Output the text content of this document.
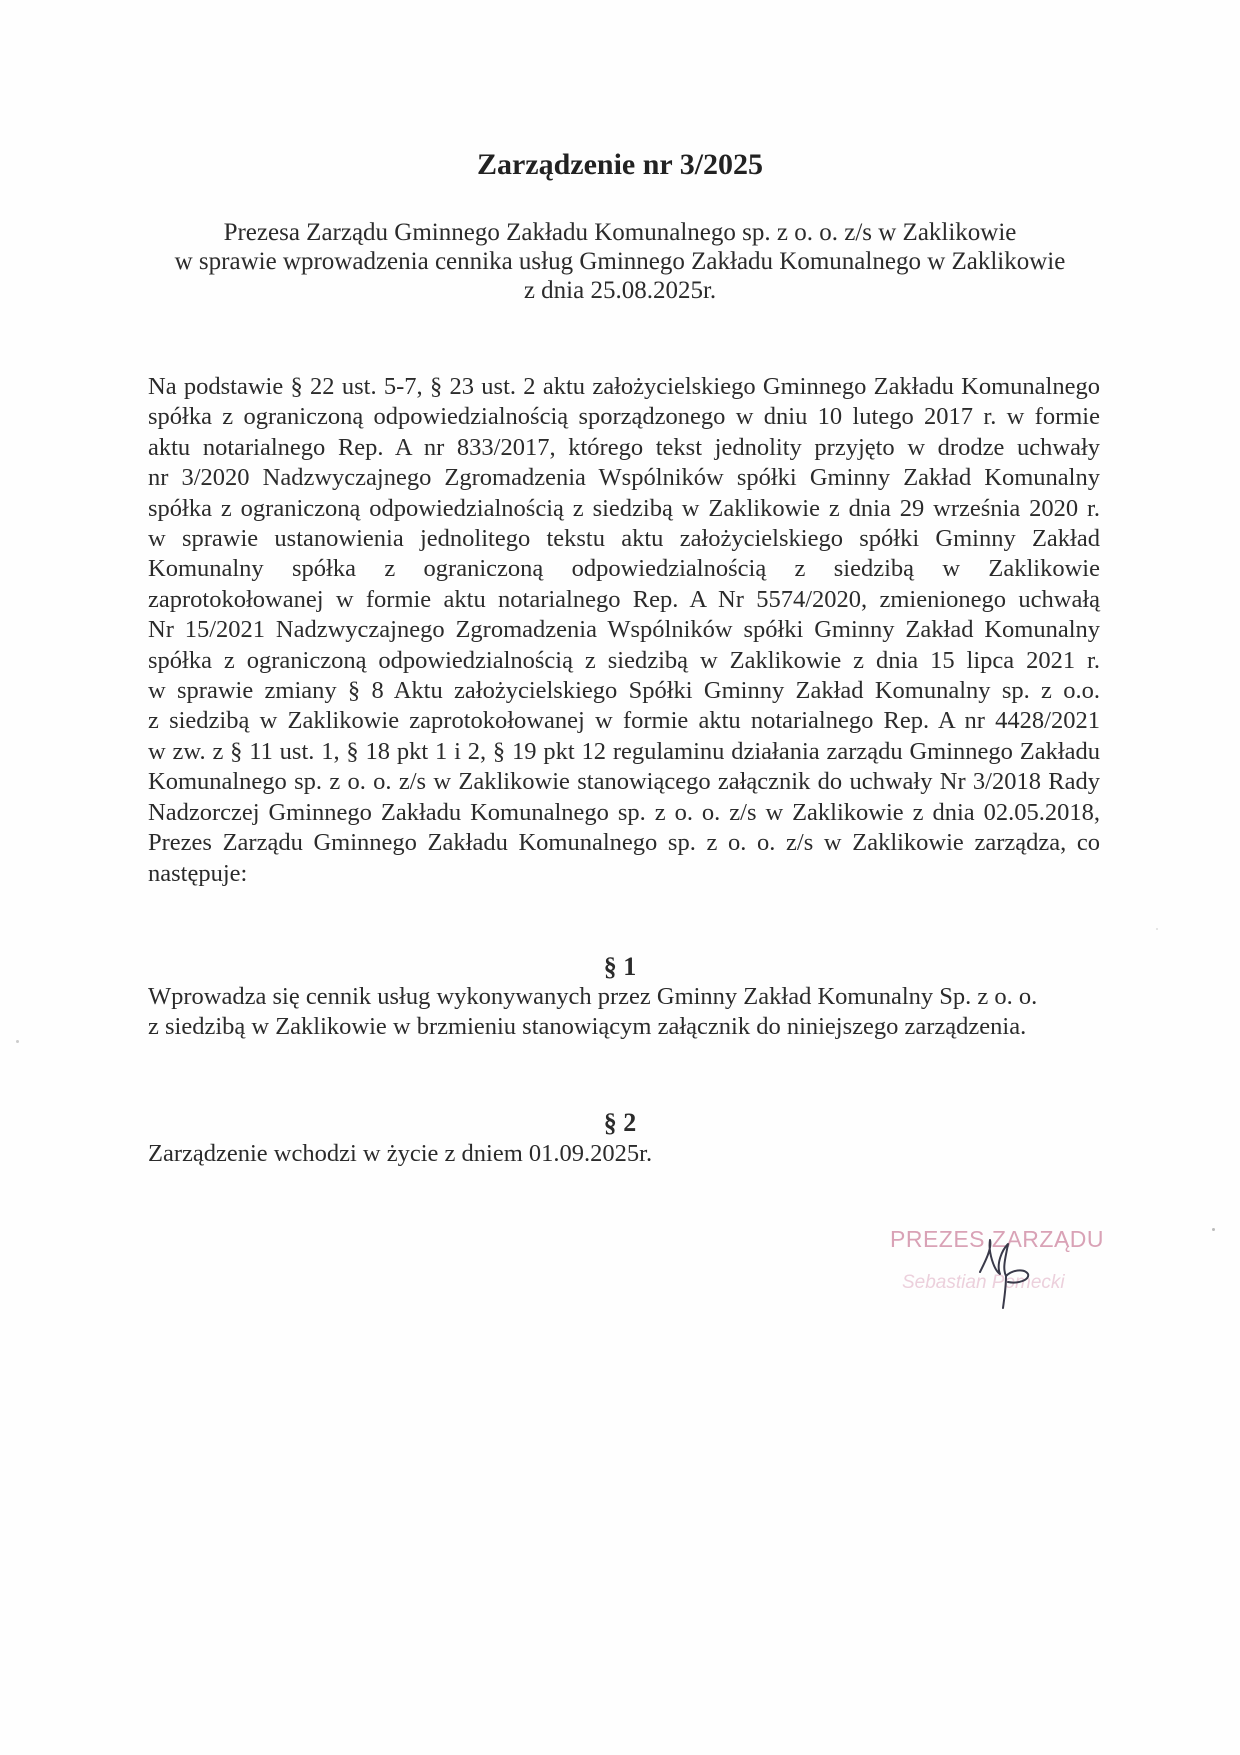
Zarządzenie nr 3/2025
Prezesa Zarządu Gminnego Zakładu Komunalnego sp. z o. o. z/s w Zaklikowie
w sprawie wprowadzenia cennika usług Gminnego Zakładu Komunalnego w Zaklikowie
z dnia 25.08.2025r.
Na podstawie § 22 ust. 5-7, § 23 ust. 2 aktu założycielskiego Gminnego Zakładu Komunalnego
spółka z ograniczoną odpowiedzialnością sporządzonego w dniu 10 lutego 2017 r. w formie
aktu notarialnego Rep. A nr 833/2017, którego tekst jednolity przyjęto w drodze uchwały
nr 3/2020 Nadzwyczajnego Zgromadzenia Wspólników spółki Gminny Zakład Komunalny
spółka z ograniczoną odpowiedzialnością z siedzibą w Zaklikowie z dnia 29 września 2020 r.
w sprawie ustanowienia jednolitego tekstu aktu założycielskiego spółki Gminny Zakład
Komunalny spółka z ograniczoną odpowiedzialnością z siedzibą w Zaklikowie
zaprotokołowanej w formie aktu notarialnego Rep. A Nr 5574/2020, zmienionego uchwałą
Nr 15/2021 Nadzwyczajnego Zgromadzenia Wspólników spółki Gminny Zakład Komunalny
spółka z ograniczoną odpowiedzialnością z siedzibą w Zaklikowie z dnia 15 lipca 2021 r.
w sprawie zmiany § 8 Aktu założycielskiego Spółki Gminny Zakład Komunalny sp. z o.o.
z siedzibą w Zaklikowie zaprotokołowanej w formie aktu notarialnego Rep. A nr 4428/2021
w zw. z § 11 ust. 1, § 18 pkt 1 i 2, § 19 pkt 12 regulaminu działania zarządu Gminnego Zakładu
Komunalnego sp. z o. o. z/s w Zaklikowie stanowiącego załącznik do uchwały Nr 3/2018 Rady
Nadzorczej Gminnego Zakładu Komunalnego sp. z o. o. z/s w Zaklikowie z dnia 02.05.2018,
Prezes Zarządu Gminnego Zakładu Komunalnego sp. z o. o. z/s w Zaklikowie zarządza, co
następuje:
§ 1
Wprowadza się cennik usług wykonywanych przez Gminny Zakład Komunalny Sp. z o. o.
z siedzibą w Zaklikowie w brzmieniu stanowiącym załącznik do niniejszego zarządzenia.
§ 2
Zarządzenie wchodzi w życie z dniem 01.09.2025r.
PREZES ZARZĄDU
Sebastian Pomecki
